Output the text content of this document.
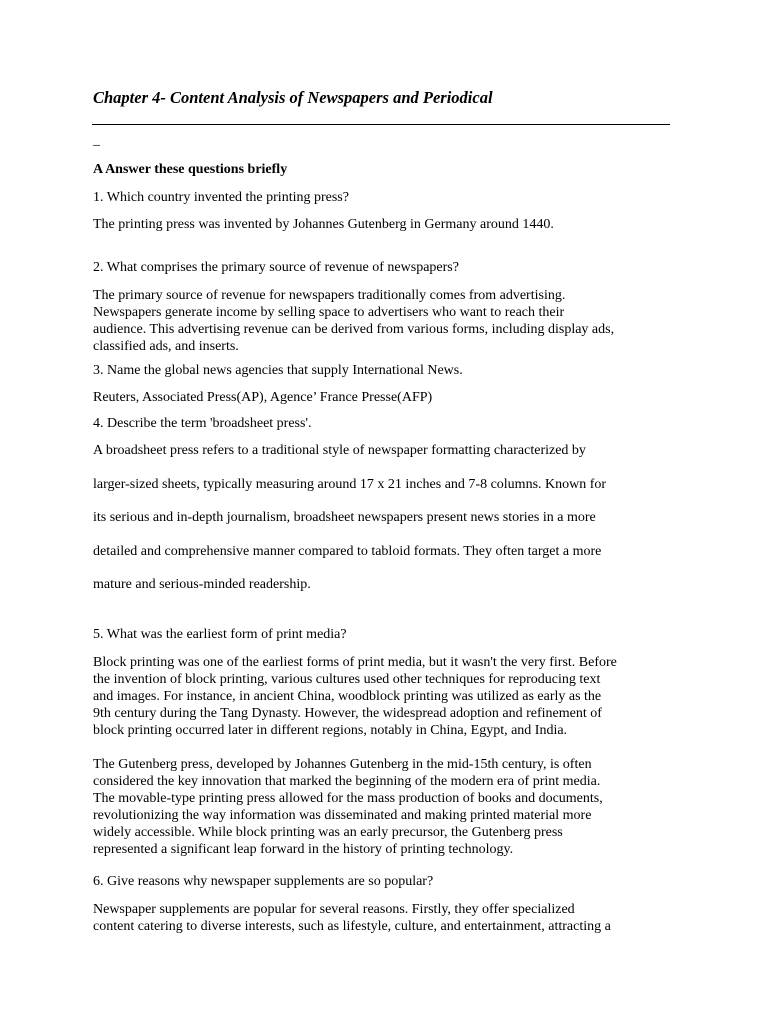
Chapter 4- Content Analysis of Newspapers and Periodical

_

A Answer these questions briefly

1. Which country invented the printing press?

The printing press was invented by Johannes Gutenberg in Germany around 1440.

2. What comprises the primary source of revenue of newspapers?

The primary source of revenue for newspapers traditionally comes from advertising.
Newspapers generate income by selling space to advertisers who want to reach their
audience. This advertising revenue can be derived from various forms, including display ads,
classified ads, and inserts.

3. Name the global news agencies that supply International News.

Reuters, Associated Press(AP), Agence’ France Presse(AFP)

4. Describe the term 'broadsheet press'.

A broadsheet press refers to a traditional style of newspaper formatting characterized by
larger-sized sheets, typically measuring around 17 x 21 inches and 7-8 columns. Known for
its serious and in-depth journalism, broadsheet newspapers present news stories in a more
detailed and comprehensive manner compared to tabloid formats. They often target a more
mature and serious-minded readership.

5. What was the earliest form of print media?

Block printing was one of the earliest forms of print media, but it wasn't the very first. Before
the invention of block printing, various cultures used other techniques for reproducing text
and images. For instance, in ancient China, woodblock printing was utilized as early as the
9th century during the Tang Dynasty. However, the widespread adoption and refinement of
block printing occurred later in different regions, notably in China, Egypt, and India.
The Gutenberg press, developed by Johannes Gutenberg in the mid-15th century, is often
considered the key innovation that marked the beginning of the modern era of print media.
The movable-type printing press allowed for the mass production of books and documents,
revolutionizing the way information was disseminated and making printed material more
widely accessible. While block printing was an early precursor, the Gutenberg press
represented a significant leap forward in the history of printing technology.

6. Give reasons why newspaper supplements are so popular?

Newspaper supplements are popular for several reasons. Firstly, they offer specialized
content catering to diverse interests, such as lifestyle, culture, and entertainment, attracting a
